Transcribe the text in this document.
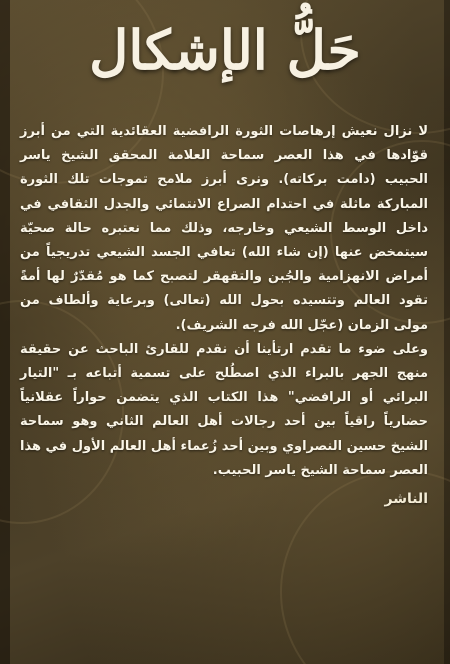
حَلُّ الإشكال

لا نزال نعيش إرهاصات الثورة الرافضية العقائدية التي من أبرز قوّادها في هذا العصر سماحة العلامة المحقق الشيخ ياسر الحبيب (دامت بركاته). ونرى أبرز ملامح تموجات تلك الثورة المباركة ماثلة في احتدام الصراع الانتمائي والجدل الثقافي في داخل الوسط الشيعي وخارجه، وذلك مما نعتبره حالة صحيّة سيتمخض عنها (إن شاء الله) تعافي الجسد الشيعي تدريجياً من أمراض الانهزامية والجُبن والتقهقر لتصبح كما هو مُقدّرٌ لها أمةً تقود العالم وتتسيده بحول الله (تعالى) وبرعاية وألطاف من مولى الزمان (عجّل الله فرجه الشريف).

وعلى ضوء ما تقدم ارتأينا أن نقدم للقارئ الباحث عن حقيقة منهج الجهر بالبراء الذي اصطُلح على تسمية أتباعه بـ "التيار البرائي أو الرافضي" هذا الكتاب الذي يتضمن حواراً عقلانياً حضارياً راقياً بين أحد رجالات أهل العالم الثاني وهو سماحة الشيخ حسين النصراوي وبين أحد زُعماء أهل العالم الأول في هذا العصر سماحة الشيخ ياسر الحبيب.

الناشر
